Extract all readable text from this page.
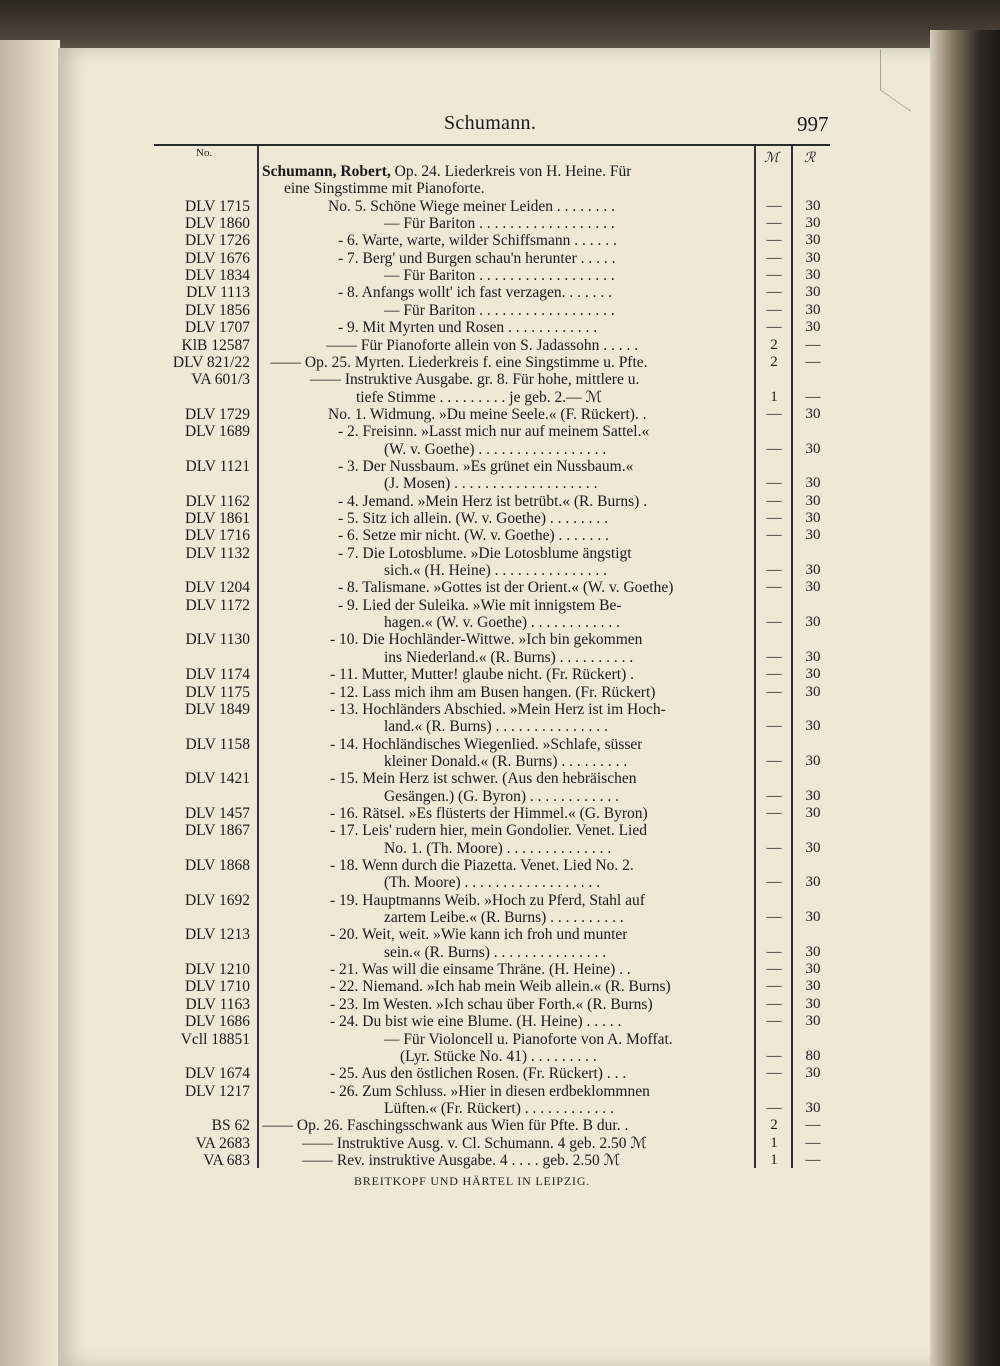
Schumann.	997
No.	ℳ ℛ
Schumann, Robert, Op. 24. Liederkreis von H. Heine. Für
eine Singstimme mit Pianoforte.
DLV 1715	No. 5. Schöne Wiege meiner Leiden . . . . . . . .	—	30
DLV 1860	— Für Bariton . . . . . . . . . . . . . . . . . .	—	30
DLV 1726	- 6. Warte, warte, wilder Schiffsmann . . . . . .	—	30
DLV 1676	- 7. Berg' und Burgen schau'n herunter . . . . .	—	30
DLV 1834	— Für Bariton . . . . . . . . . . . . . . . . . .	—	30
DLV 1113	- 8. Anfangs wollt' ich fast verzagen. . . . . . .	—	30
DLV 1856	— Für Bariton . . . . . . . . . . . . . . . . . .	—	30
DLV 1707	- 9. Mit Myrten und Rosen . . . . . . . . . . . .	—	30
KlB 12587	—— Für Pianoforte allein von S. Jadassohn . . . . .	2	—
DLV 821/22 —— Op. 25. Myrten. Liederkreis f. eine Singstimme u. Pfte.	2	—
VA 601/3	—— Instruktive Ausgabe. gr. 8. Für hohe, mittlere u.
tiefe Stimme . . . . . . . . . je geb. 2.— ℳ	1	—
DLV 1729	No. 1. Widmung. »Du meine Seele.« (F. Rückert). .	—	30
DLV 1689	- 2. Freisinn. »Lasst mich nur auf meinem Sattel.«
(W. v. Goethe) . . . . . . . . . . . . . . . . .	—	30
DLV 1121	- 3. Der Nussbaum. »Es grünet ein Nussbaum.«
(J. Mosen) . . . . . . . . . . . . . . . . . . .	—	30
DLV 1162	- 4. Jemand. »Mein Herz ist betrübt.« (R. Burns) .	—	30
DLV 1861	- 5. Sitz ich allein. (W. v. Goethe) . . . . . . . .	—	30
DLV 1716	- 6. Setze mir nicht. (W. v. Goethe) . . . . . . .	—	30
DLV 1132	- 7. Die Lotosblume. »Die Lotosblume ängstigt
sich.« (H. Heine) . . . . . . . . . . . . . . .	—	30
DLV 1204	- 8. Talismane. »Gottes ist der Orient.« (W. v. Goethe)	—	30
DLV 1172	- 9. Lied der Suleika. »Wie mit innigstem Be-
hagen.« (W. v. Goethe) . . . . . . . . . . . .	—	30
DLV 1130	- 10. Die Hochländer-Wittwe. »Ich bin gekommen
ins Niederland.« (R. Burns) . . . . . . . . . .	—	30
DLV 1174	- 11. Mutter, Mutter! glaube nicht. (Fr. Rückert) .	—	30
DLV 1175	- 12. Lass mich ihm am Busen hangen. (Fr. Rückert)	—	30
DLV 1849	- 13. Hochländers Abschied. »Mein Herz ist im Hoch-
land.« (R. Burns) . . . . . . . . . . . . . . .	—	30
DLV 1158	- 14. Hochländisches Wiegenlied. »Schlafe, süsser
kleiner Donald.« (R. Burns) . . . . . . . . .	—	30
DLV 1421	- 15. Mein Herz ist schwer. (Aus den hebräischen
Gesängen.) (G. Byron) . . . . . . . . . . . .	—	30
DLV 1457	- 16. Rätsel. »Es flüsterts der Himmel.« (G. Byron)	—	30
DLV 1867	- 17. Leis' rudern hier, mein Gondolier. Venet. Lied
No. 1. (Th. Moore) . . . . . . . . . . . . . .	—	30
DLV 1868	- 18. Wenn durch die Piazetta. Venet. Lied No. 2.
(Th. Moore) . . . . . . . . . . . . . . . . . .	—	30
DLV 1692	- 19. Hauptmanns Weib. »Hoch zu Pferd, Stahl auf
zartem Leibe.« (R. Burns) . . . . . . . . . .	—	30
DLV 1213	- 20. Weit, weit. »Wie kann ich froh und munter
sein.« (R. Burns) . . . . . . . . . . . . . . .	—	30
DLV 1210	- 21. Was will die einsame Thräne. (H. Heine) . .	—	30
DLV 1710	- 22. Niemand. »Ich hab mein Weib allein.« (R. Burns)	—	30
DLV 1163	- 23. Im Westen. »Ich schau über Forth.« (R. Burns)	—	30
DLV 1686	- 24. Du bist wie eine Blume. (H. Heine) . . . . .	—	30
Vcll 18851	— Für Violoncell u. Pianoforte von A. Moffat.
(Lyr. Stücke No. 41) . . . . . . . . .	—	80
DLV 1674	- 25. Aus den östlichen Rosen. (Fr. Rückert) . . .	—	30
DLV 1217	- 26. Zum Schluss. »Hier in diesen erdbeklommnen
Lüften.« (Fr. Rückert) . . . . . . . . . . . .	—	30
BS 62 —— Op. 26. Faschingsschwank aus Wien für Pfte. B dur. .	2	—
VA 2683	—— Instruktive Ausg. v. Cl. Schumann. 4 geb. 2.50 ℳ	1	—
VA 683	—— Rev. instruktive Ausgabe. 4 . . . . geb. 2.50 ℳ	1	—
BREITKOPF UND HÄRTEL IN LEIPZIG.
